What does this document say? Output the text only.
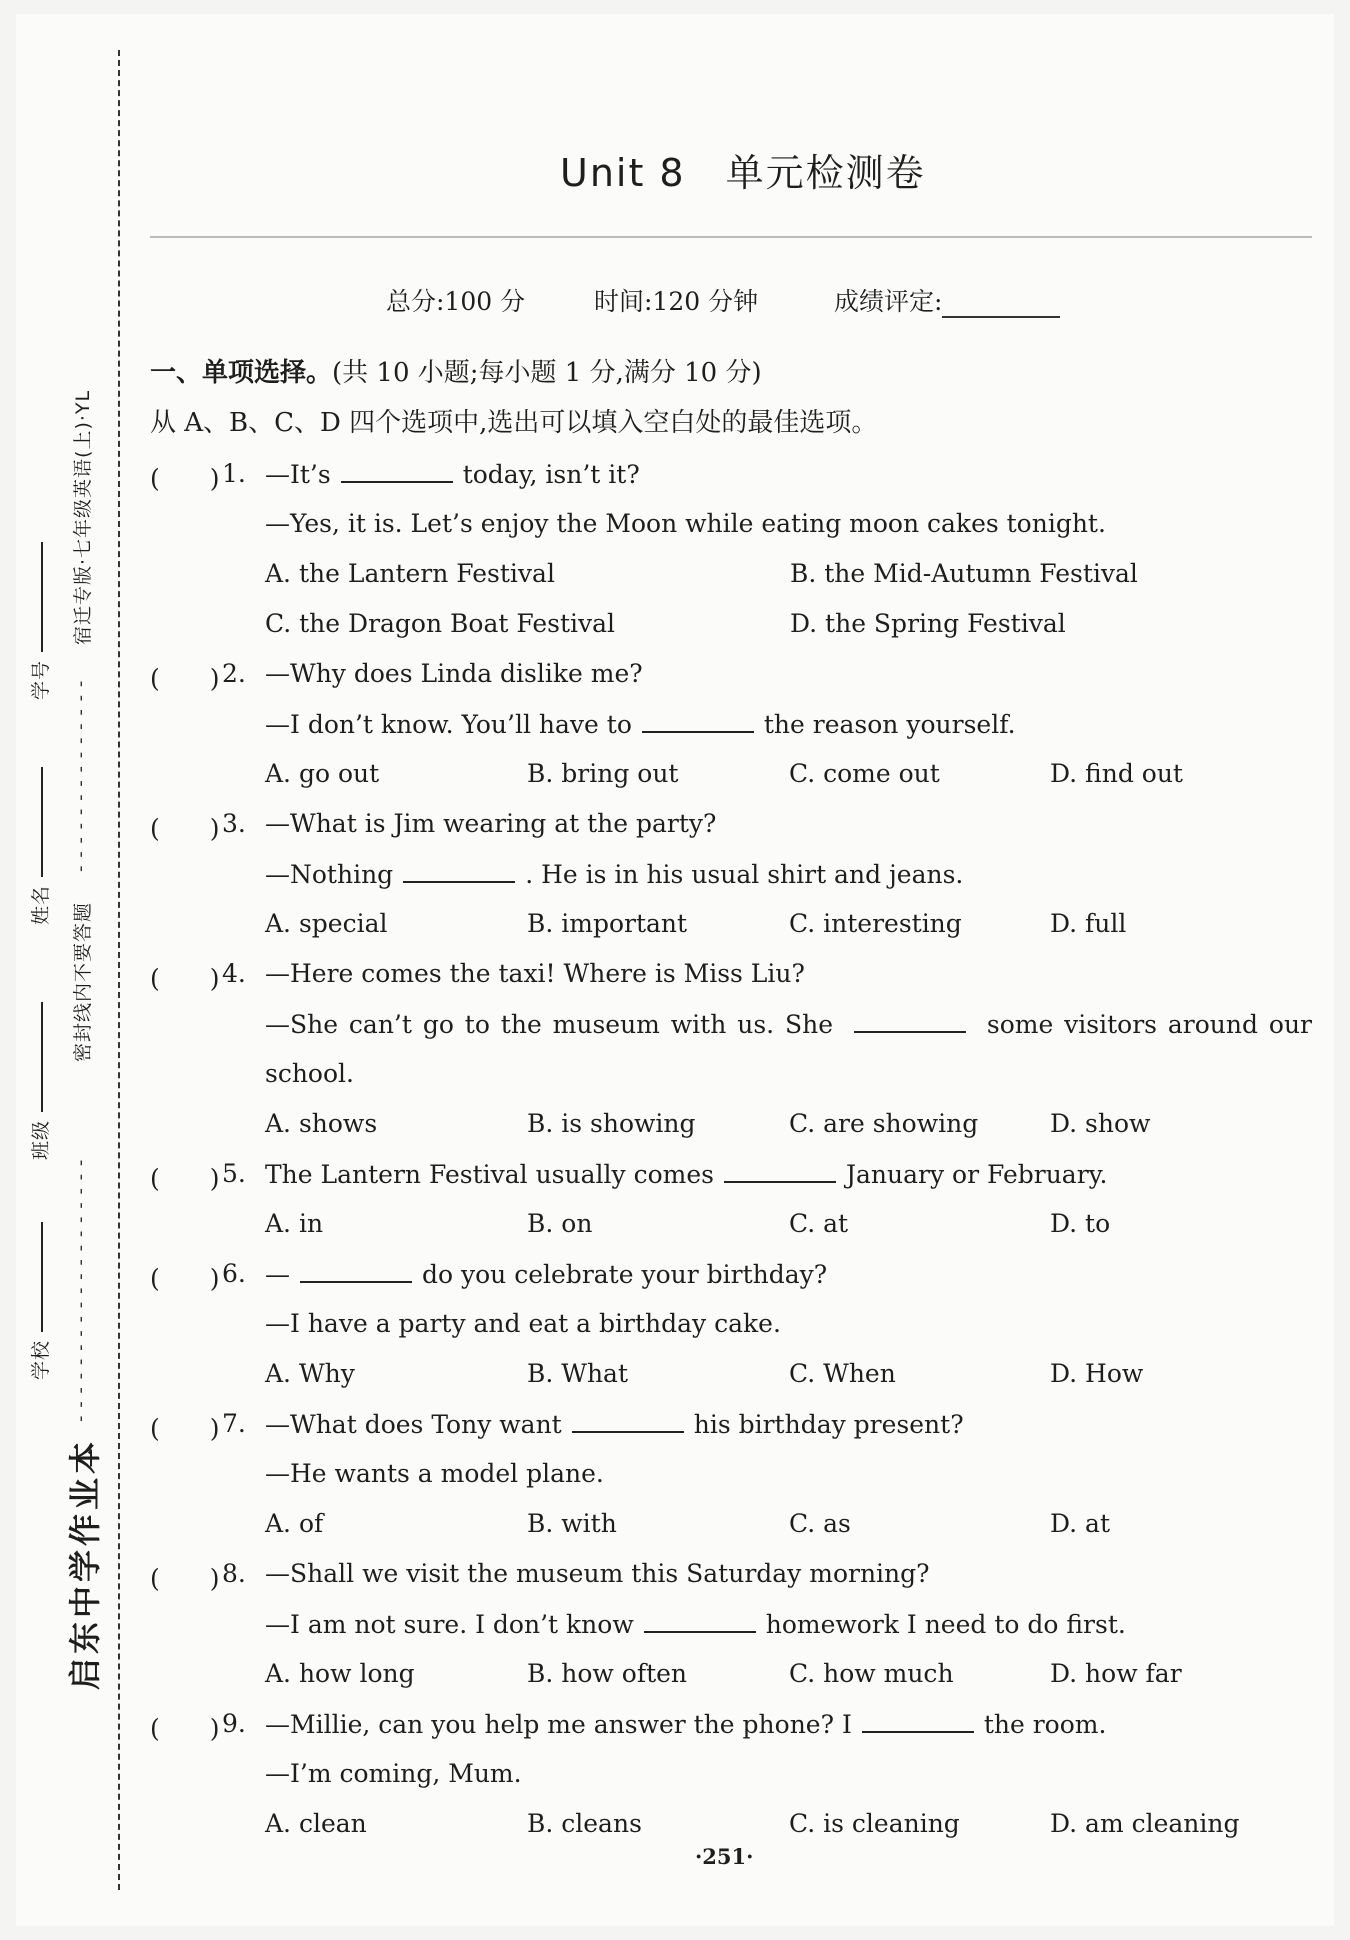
学校
班级
姓名
学号
启东中学作业本
宿迁专版·七年级英语(上)·YL
密封线内不要答题
- - - - - - - - - - - - - - - - - - -
- - - - - - - - - - - - - -
Unit 8　单元检测卷
总分:100 分	时间:120 分钟	成绩评定:
一、单项选择。(共 10 小题;每小题 1 分,满分 10 分)
从 A、B、C、D 四个选项中,选出可以填入空白处的最佳选项。
(　　) 1. —It’s	today, isn’t it?
—Yes, it is. Let’s enjoy the Moon while eating moon cakes tonight.
A. the Lantern Festival	B. the Mid-Autumn Festival
C. the Dragon Boat Festival	D. the Spring Festival
(　　) 2. —Why does Linda dislike me?
—I don’t know. You’ll have to	the reason yourself.
A. go out	B. bring out	C. come out	D. find out
(　　) 3. —What is Jim wearing at the party?
—Nothing	. He is in his usual shirt and jeans.
A. special	B. important	C. interesting	D. full
(　　) 4. —Here comes the taxi! Where is Miss Liu?
—She can’t go to the museum with us. She	some visitors around our
school.
A. shows	B. is showing	C. are showing	D. show
(　　) 5. The Lantern Festival usually comes	January or February.
A. in	B. on	C. at	D. to
(　　) 6. —	do you celebrate your birthday?
—I have a party and eat a birthday cake.
A. Why	B. What	C. When	D. How
(　　) 7. —What does Tony want	his birthday present?
—He wants a model plane.
A. of	B. with	C. as	D. at
(　　) 8. —Shall we visit the museum this Saturday morning?
—I am not sure. I don’t know	homework I need to do first.
A. how long	B. how often	C. how much	D. how far
(　　) 9. —Millie, can you help me answer the phone? I	the room.
—I’m coming, Mum.
A. clean	B. cleans	C. is cleaning	D. am cleaning
·251·
